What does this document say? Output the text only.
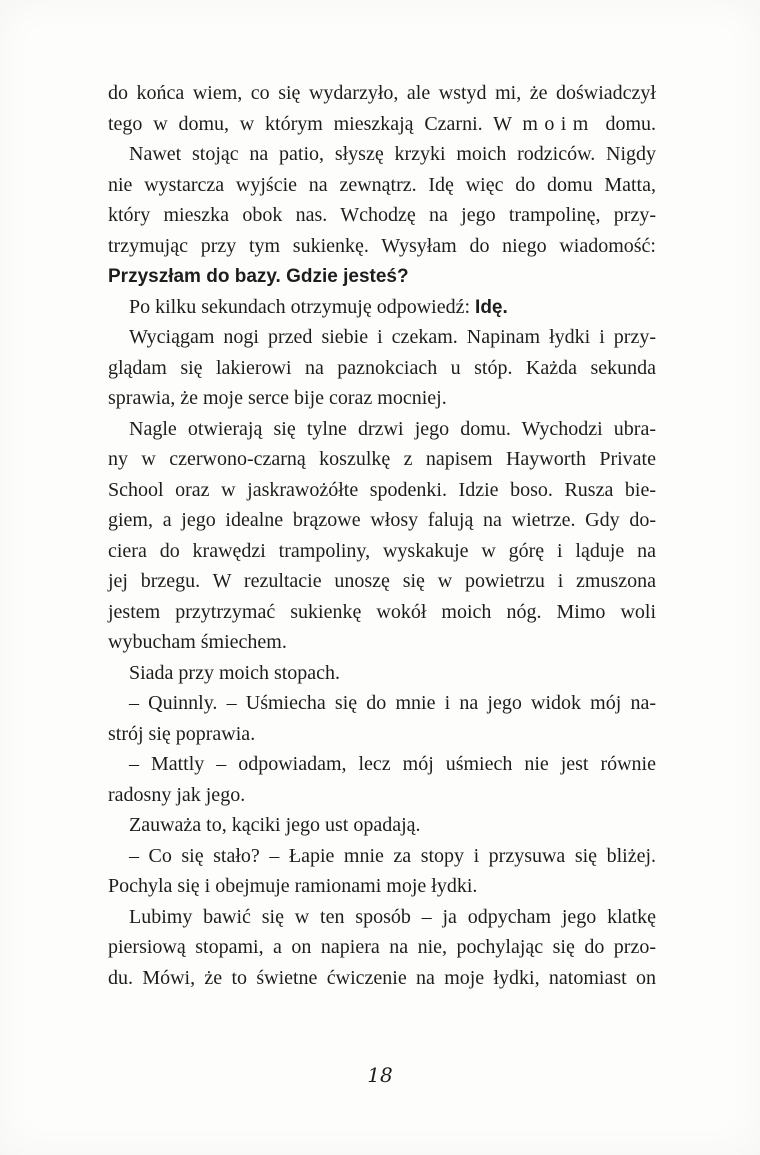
do końca wiem, co się wydarzyło, ale wstyd mi, że doświadczył
tego w domu, w którym mieszkają Czarni. W moim domu.
Nawet stojąc na patio, słyszę krzyki moich rodziców. Nigdy
nie wystarcza wyjście na zewnątrz. Idę więc do domu Matta,
który mieszka obok nas. Wchodzę na jego trampolinę, przy-
trzymując przy tym sukienkę. Wysyłam do niego wiadomość:
Przyszłam do bazy. Gdzie jesteś?
Po kilku sekundach otrzymuję odpowiedź: Idę.
Wyciągam nogi przed siebie i czekam. Napinam łydki i przy-
glądam się lakierowi na paznokciach u stóp. Każda sekunda
sprawia, że moje serce bije coraz mocniej.
Nagle otwierają się tylne drzwi jego domu. Wychodzi ubra-
ny w czerwono-czarną koszulkę z napisem Hayworth Private
School oraz w jaskrawożółte spodenki. Idzie boso. Rusza bie-
giem, a jego idealne brązowe włosy falują na wietrze. Gdy do-
ciera do krawędzi trampoliny, wyskakuje w górę i ląduje na
jej brzegu. W rezultacie unoszę się w powietrzu i zmuszona
jestem przytrzymać sukienkę wokół moich nóg. Mimo woli
wybucham śmiechem.
Siada przy moich stopach.
– Quinnly. – Uśmiecha się do mnie i na jego widok mój na-
strój się poprawia.
– Mattly – odpowiadam, lecz mój uśmiech nie jest równie
radosny jak jego.
Zauważa to, kąciki jego ust opadają.
– Co się stało? – Łapie mnie za stopy i przysuwa się bliżej.
Pochyla się i obejmuje ramionami moje łydki.
Lubimy bawić się w ten sposób – ja odpycham jego klatkę
piersiową stopami, a on napiera na nie, pochylając się do przo-
du. Mówi, że to świetne ćwiczenie na moje łydki, natomiast on
18
